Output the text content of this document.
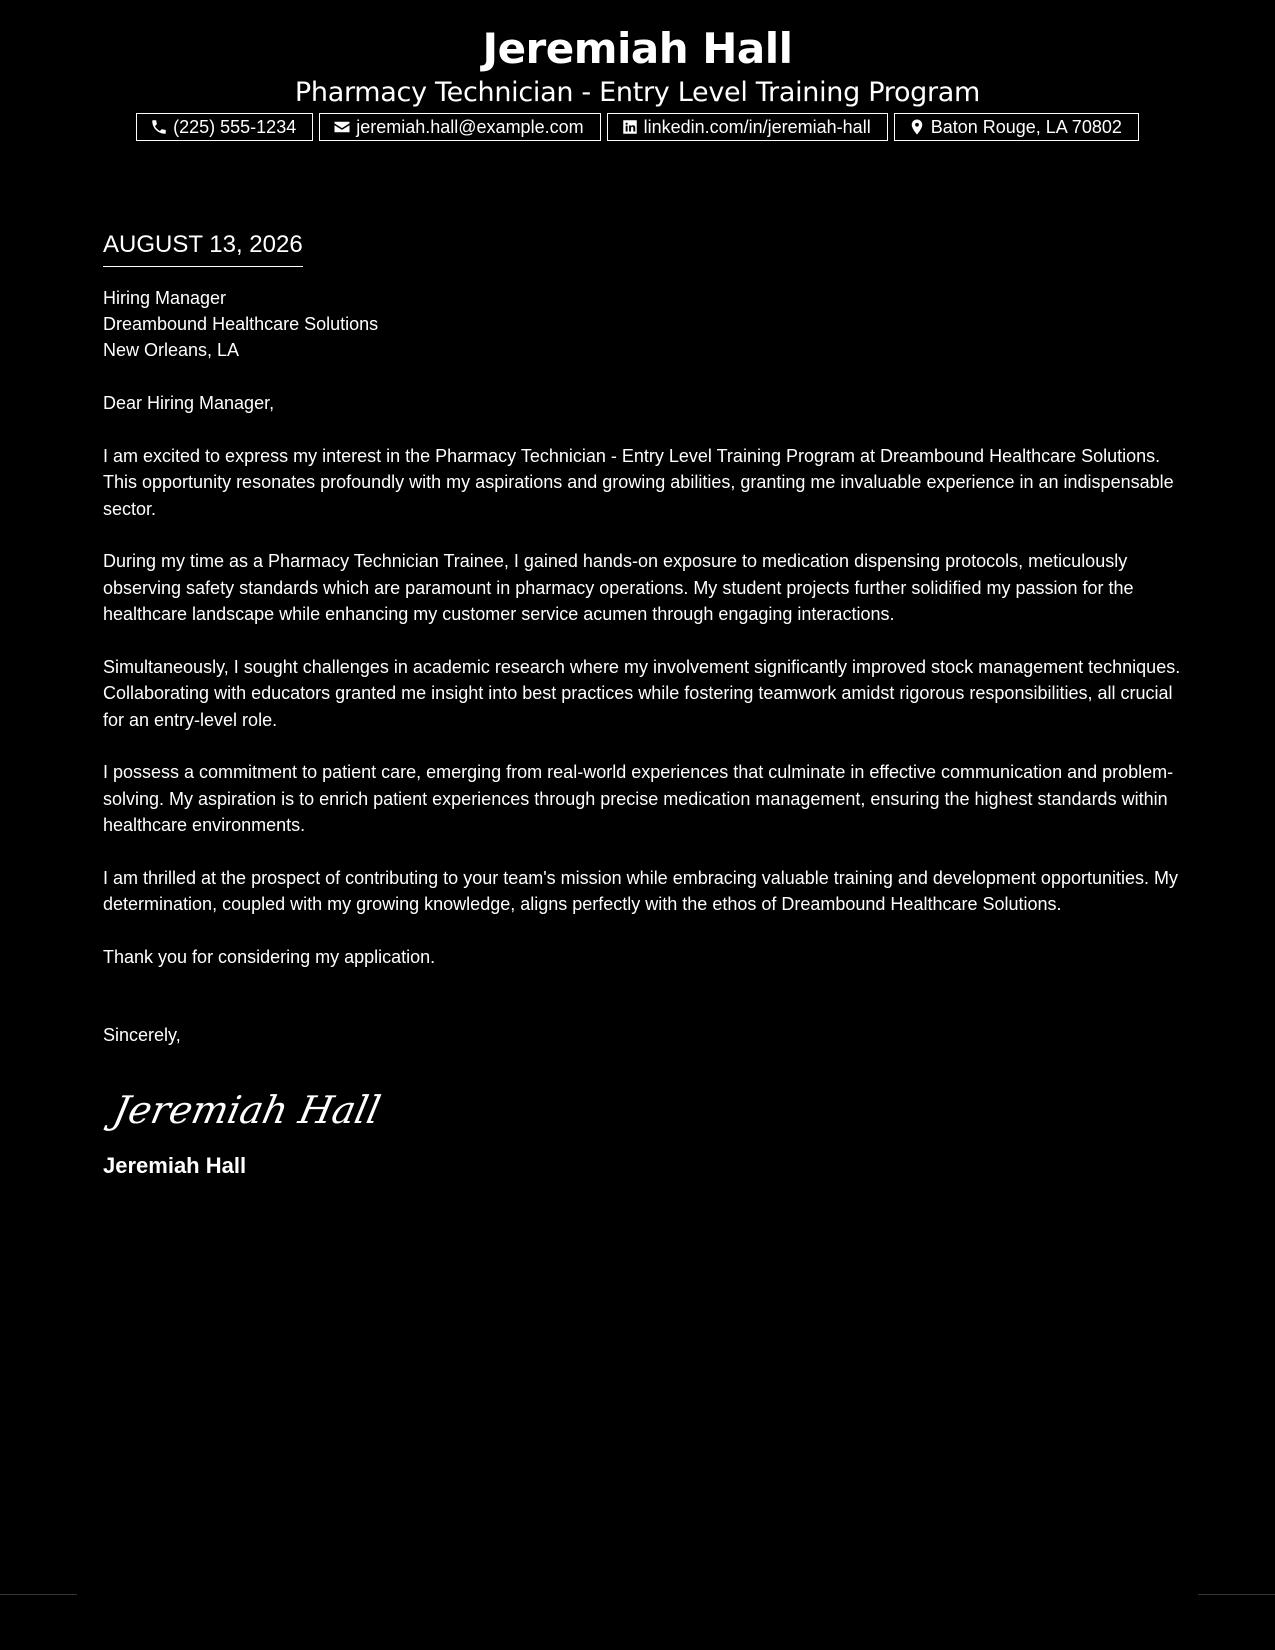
Jeremiah Hall
Pharmacy Technician - Entry Level Training Program
(225) 555-1234	jeremiah.hall@example.com	linkedin.com/in/jeremiah-hall	Baton Rouge, LA 70802
AUGUST 13, 2026
Hiring Manager
Dreambound Healthcare Solutions
New Orleans, LA
Dear Hiring Manager,

I am excited to express my interest in the Pharmacy Technician - Entry Level Training Program at Dreambound Healthcare Solutions. This opportunity resonates profoundly with my aspirations and growing abilities, granting me invaluable experience in an indispensable sector.

During my time as a Pharmacy Technician Trainee, I gained hands-on exposure to medication dispensing protocols, meticulously observing safety standards which are paramount in pharmacy operations. My student projects further solidified my passion for the healthcare landscape while enhancing my customer service acumen through engaging interactions.

Simultaneously, I sought challenges in academic research where my involvement significantly improved stock management techniques. Collaborating with educators granted me insight into best practices while fostering teamwork amidst rigorous responsibilities, all crucial for an entry-level role.

I possess a commitment to patient care, emerging from real-world experiences that culminate in effective communication and problem-solving. My aspiration is to enrich patient experiences through precise medication management, ensuring the highest standards within healthcare environments.

I am thrilled at the prospect of contributing to your team's mission while embracing valuable training and development opportunities. My determination, coupled with my growing knowledge, aligns perfectly with the ethos of Dreambound Healthcare Solutions.

Thank you for considering my application.

Sincerely,
Jeremiah Hall
Jeremiah Hall
